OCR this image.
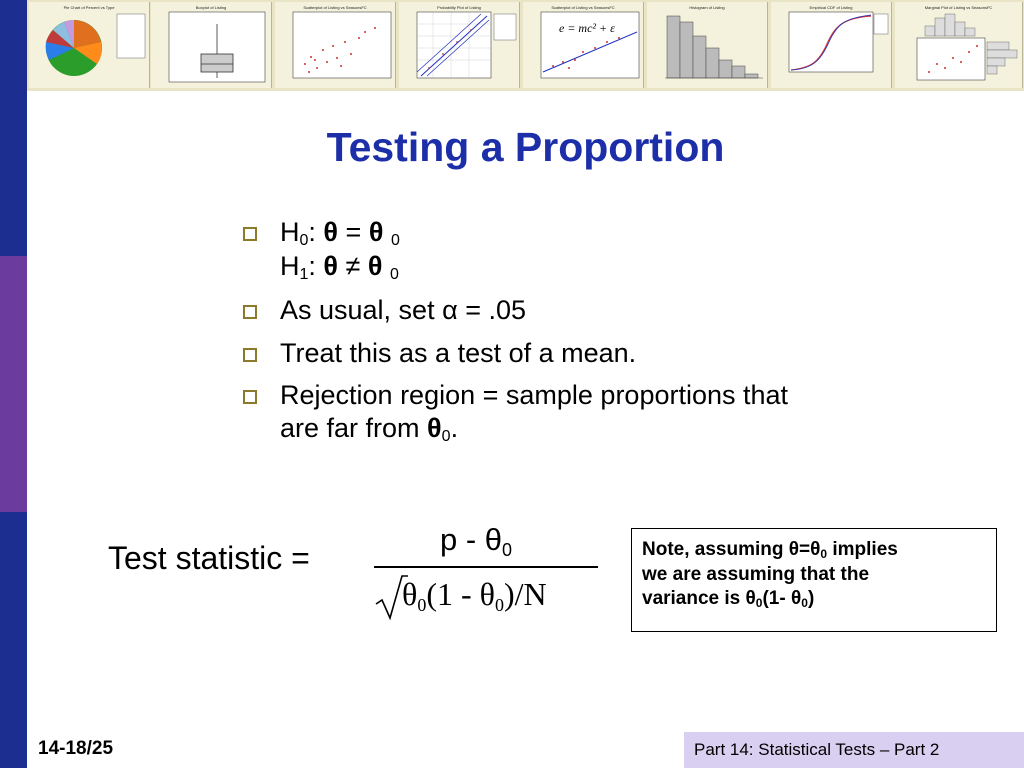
Pie Chart of Percent vs Type	Boxplot of Listing	Scatterplot of Listing vs SeasonsFC	Probability Plot of Listing	Scatterplot of Listing vs SeasonsFC
e = mc² + ε
Histogram of Listing	Empirical CDF of Listing	Marginal Plot of Listing vs SeasonsFC
Testing a Proportion
$H_0$: θ = θ $_0$
$H_1$: θ ≠ θ $_0$
As usual, set α = .05
Treat this as a test of a mean.
Rejection region = sample proportions that are far from $\theta_0$.
Test statistic =
p - θ0
θ0(1 - θ0)/N
Note, assuming θ=θ0 implies
we are assuming that the
variance is θ0(1- θ0)
14-18/25	Part 14: Statistical Tests – Part 2
